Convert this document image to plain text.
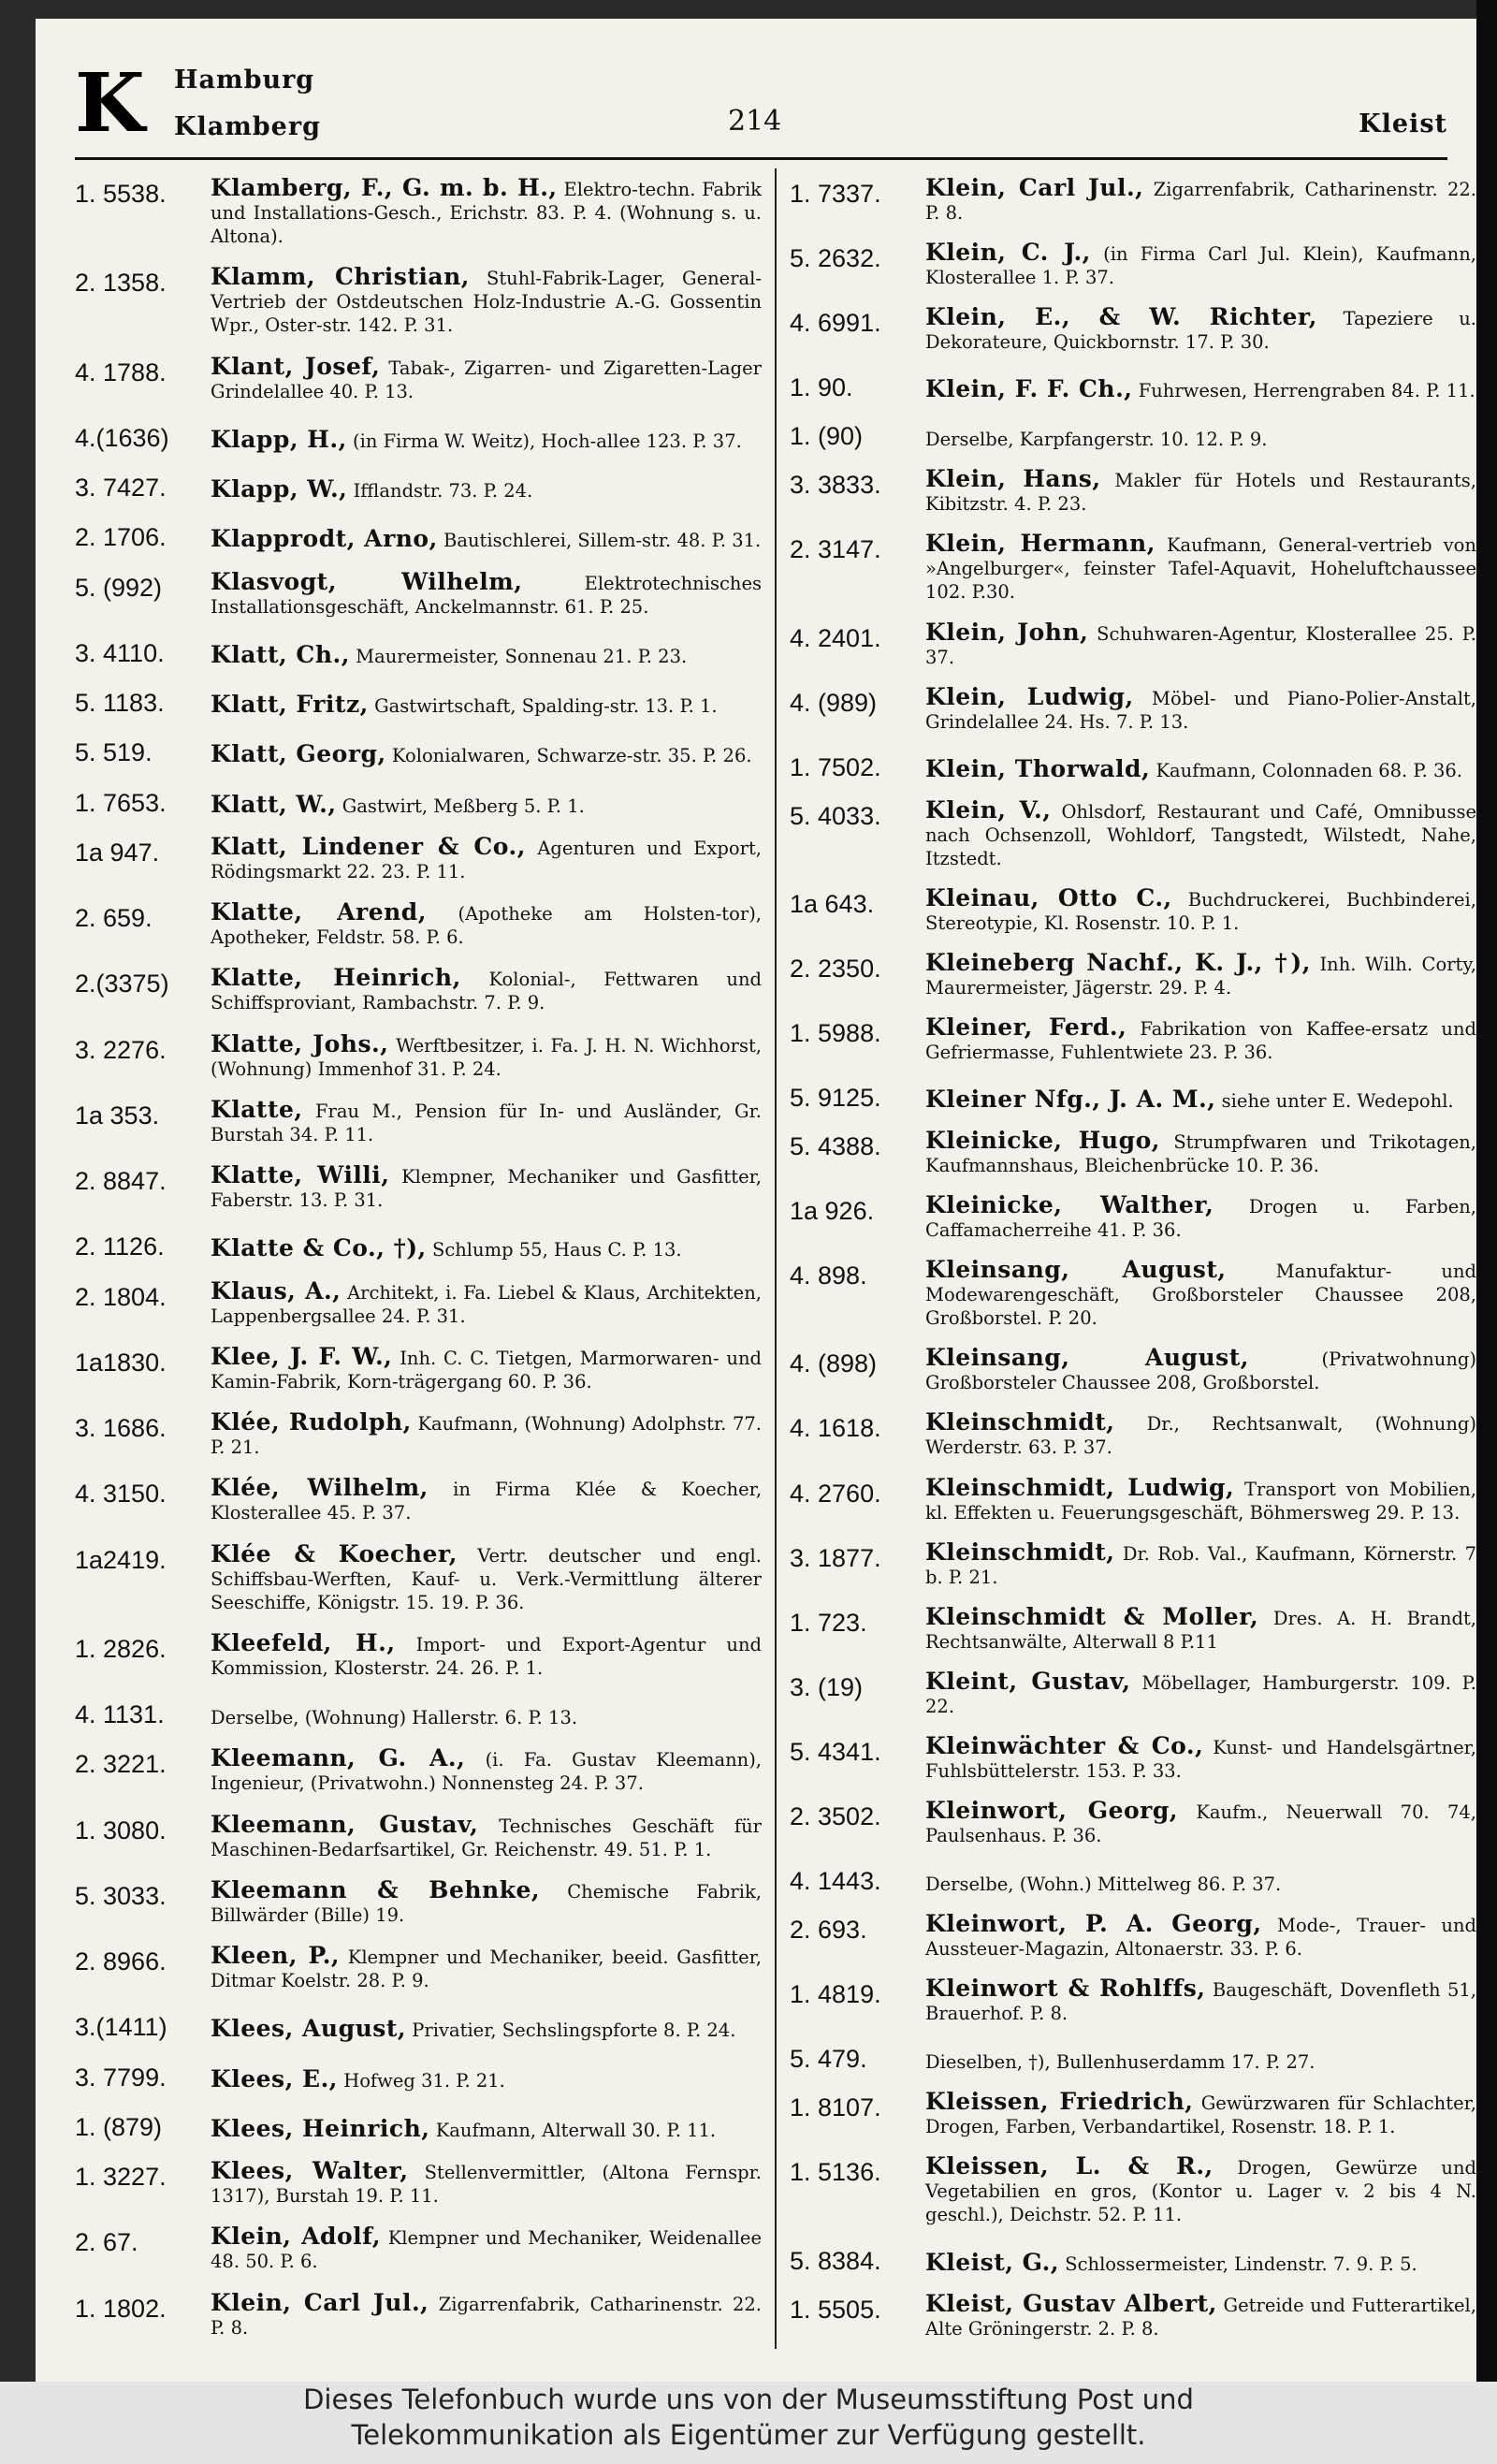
K Hamburg
Klamberg	214	Kleist
1. 5538.	Klamberg, F., G. m. b. H., Elektro-techn. Fabrik und Installations-Gesch., Erichstr. 83. P. 4. (Wohnung s. u. Altona).
2. 1358.	Klamm, Christian, Stuhl-Fabrik-Lager, General-Vertrieb der Ostdeutschen Holz-Industrie A.-G. Gossentin Wpr., Oster-str. 142. P. 31.
4. 1788.	Klant, Josef, Tabak-, Zigarren- und Zigaretten-Lager Grindelallee 40. P. 13.
4.(1636)	Klapp, H., (in Firma W. Weitz), Hoch-allee 123. P. 37.
3. 7427.	Klapp, W., Ifflandstr. 73. P. 24.
2. 1706.	Klapprodt, Arno, Bautischlerei, Sillem-str. 48. P. 31.
5. (992)	Klasvogt, Wilhelm,	Elektrotechnisches Installationsgeschäft, Anckelmannstr. 61. P. 25.
3. 4110.	Klatt, Ch., Maurermeister, Sonnenau 21. P. 23.
5. 1183.	Klatt, Fritz, Gastwirtschaft, Spalding-str. 13. P. 1.
5. 519.	Klatt, Georg, Kolonialwaren, Schwarze-str. 35. P. 26.
1. 7653.	Klatt, W., Gastwirt, Meßberg 5. P. 1.
1a 947.	Klatt, Lindener & Co., Agenturen und Export, Rödingsmarkt 22. 23. P. 11.
2. 659.	Klatte, Arend, (Apotheke am Holsten-tor), Apotheker, Feldstr. 58. P. 6.
2.(3375)	Klatte, Heinrich, Kolonial-, Fettwaren und Schiffsproviant, Rambachstr. 7. P. 9.
3. 2276.	Klatte, Johs., Werftbesitzer, i. Fa. J. H. N. Wichhorst, (Wohnung) Immenhof 31. P. 24.
1a 353.	Klatte, Frau M., Pension für In- und Ausländer, Gr. Burstah 34. P. 11.
2. 8847.	Klatte, Willi, Klempner, Mechaniker und Gasfitter, Faberstr. 13. P. 31.
2. 1126.	Klatte & Co., †), Schlump 55, Haus C. P. 13.
2. 1804.	Klaus, A., Architekt, i. Fa. Liebel & Klaus, Architekten, Lappenbergsallee 24. P. 31.
1a1830.	Klee, J. F. W., Inh. C. C. Tietgen, Marmorwaren- und Kamin-Fabrik, Korn-trägergang 60. P. 36.
3. 1686.	Klée, Rudolph, Kaufmann, (Wohnung) Adolphstr. 77. P. 21.
4. 3150.	Klée, Wilhelm, in Firma Klée & Koecher, Klosterallee 45. P. 37.
1a2419.	Klée & Koecher, Vertr. deutscher und engl. Schiffsbau-Werften, Kauf- u. Verk.-Vermittlung älterer Seeschiffe, Königstr. 15. 19. P. 36.
1. 2826.	Kleefeld, H., Import- und Export-Agentur und Kommission, Klosterstr. 24. 26. P. 1.
4. 1131.	Derselbe, (Wohnung) Hallerstr. 6. P. 13.
2. 3221.	Kleemann, G. A., (i. Fa. Gustav Kleemann), Ingenieur, (Privatwohn.) Nonnensteg 24. P. 37.
1. 3080.	Kleemann, Gustav, Technisches Geschäft für Maschinen-Bedarfsartikel, Gr. Reichenstr. 49. 51. P. 1.
5. 3033.	Kleemann & Behnke, Chemische Fabrik, Billwärder (Bille) 19.
2. 8966.	Kleen, P., Klempner und Mechaniker, beeid. Gasfitter, Ditmar Koelstr. 28. P. 9.
3.(1411)	Klees, August, Privatier, Sechslingspforte 8. P. 24.
3. 7799.	Klees, E., Hofweg 31. P. 21.
1. (879)	Klees, Heinrich, Kaufmann, Alterwall 30. P. 11.
1. 3227.	Klees, Walter, Stellenvermittler, (Altona Fernspr. 1317), Burstah 19. P. 11.
2. 67.	Klein, Adolf, Klempner und Mechaniker, Weidenallee 48. 50. P. 6.
1. 1802.	Klein, Carl Jul., Zigarrenfabrik, Catharinenstr. 22. P. 8.
1. 7337.	Klein, Carl Jul., Zigarrenfabrik, Catharinenstr. 22. P. 8.
5. 2632.	Klein, C. J., (in Firma Carl Jul. Klein), Kaufmann, Klosterallee 1. P. 37.
4. 6991.	Klein, E., & W. Richter, Tapeziere u. Dekorateure, Quickbornstr. 17. P. 30.
1. 90.	Klein, F. F. Ch., Fuhrwesen, Herrengraben 84. P. 11.
1. (90)	Derselbe, Karpfangerstr. 10. 12. P. 9.
3. 3833.	Klein, Hans, Makler für Hotels und Restaurants, Kibitzstr. 4. P. 23.
2. 3147.	Klein, Hermann, Kaufmann, General-vertrieb von »Angelburger«, feinster Tafel-Aquavit, Hoheluftchaussee 102. P.30.
4. 2401.	Klein, John, Schuhwaren-Agentur, Klosterallee 25. P. 37.
4. (989)	Klein, Ludwig, Möbel- und Piano-Polier-Anstalt, Grindelallee 24. Hs. 7. P. 13.
1. 7502.	Klein, Thorwald, Kaufmann, Colonnaden 68. P. 36.
5. 4033.	Klein, V., Ohlsdorf, Restaurant und Café, Omnibusse nach Ochsenzoll, Wohldorf, Tangstedt, Wilstedt, Nahe, Itzstedt.
1a 643.	Kleinau, Otto C., Buchdruckerei, Buchbinderei, Stereotypie, Kl. Rosenstr. 10. P. 1.
2. 2350.	Kleineberg Nachf., K. J., †), Inh. Wilh. Corty, Maurermeister, Jägerstr. 29. P. 4.
1. 5988.	Kleiner, Ferd., Fabrikation von Kaffee-ersatz und Gefriermasse, Fuhlentwiete 23. P. 36.
5. 9125.	Kleiner Nfg., J. A. M., siehe unter E. Wedepohl.
5. 4388.	Kleinicke, Hugo, Strumpfwaren und Trikotagen, Kaufmannshaus, Bleichenbrücke 10. P. 36.
1a 926.	Kleinicke, Walther, Drogen u. Farben, Caffamacherreihe 41. P. 36.
4. 898.	Kleinsang, August,	Manufaktur- und Modewarengeschäft, Großborsteler Chaussee 208, Großborstel. P. 20.
4. (898)	Kleinsang, August,	(Privatwohnung) Großborsteler Chaussee 208, Großborstel.
4. 1618.	Kleinschmidt, Dr., Rechtsanwalt, (Wohnung) Werderstr. 63. P. 37.
4. 2760.	Kleinschmidt, Ludwig, Transport von Mobilien, kl. Effekten u. Feuerungsgeschäft, Böhmersweg 29. P. 13.
3. 1877.	Kleinschmidt, Dr. Rob. Val., Kaufmann, Körnerstr. 7 b. P. 21.
1. 723.	Kleinschmidt & Moller, Dres. A. H. Brandt, Rechtsanwälte, Alterwall 8 P.11
3. (19)	Kleint, Gustav, Möbellager, Hamburgerstr. 109. P. 22.
5. 4341.	Kleinwächter & Co., Kunst- und Handelsgärtner, Fuhlsbüttelerstr. 153. P. 33.
2. 3502.	Kleinwort, Georg, Kaufm., Neuerwall 70. 74, Paulsenhaus. P. 36.
4. 1443.	Derselbe, (Wohn.) Mittelweg 86. P. 37.
2. 693.	Kleinwort, P. A. Georg, Mode-, Trauer- und Aussteuer-Magazin, Altonaerstr. 33. P. 6.
1. 4819.	Kleinwort & Rohlffs, Baugeschäft, Dovenfleth 51, Brauerhof. P. 8.
5. 479.	Dieselben, †), Bullenhuserdamm 17. P. 27.
1. 8107.	Kleissen, Friedrich, Gewürzwaren für Schlachter, Drogen, Farben, Verbandartikel, Rosenstr. 18. P. 1.
1. 5136.	Kleissen, L. & R., Drogen, Gewürze und Vegetabilien en gros, (Kontor u. Lager v. 2 bis 4 N. geschl.), Deichstr. 52. P. 11.
5. 8384.	Kleist, G., Schlossermeister, Lindenstr. 7. 9. P. 5.
1. 5505.	Kleist, Gustav Albert, Getreide und Futterartikel, Alte Gröningerstr. 2. P. 8.
Dieses Telefonbuch wurde uns von der Museumsstiftung Post und
Telekommunikation als Eigentümer zur Verfügung gestellt.
